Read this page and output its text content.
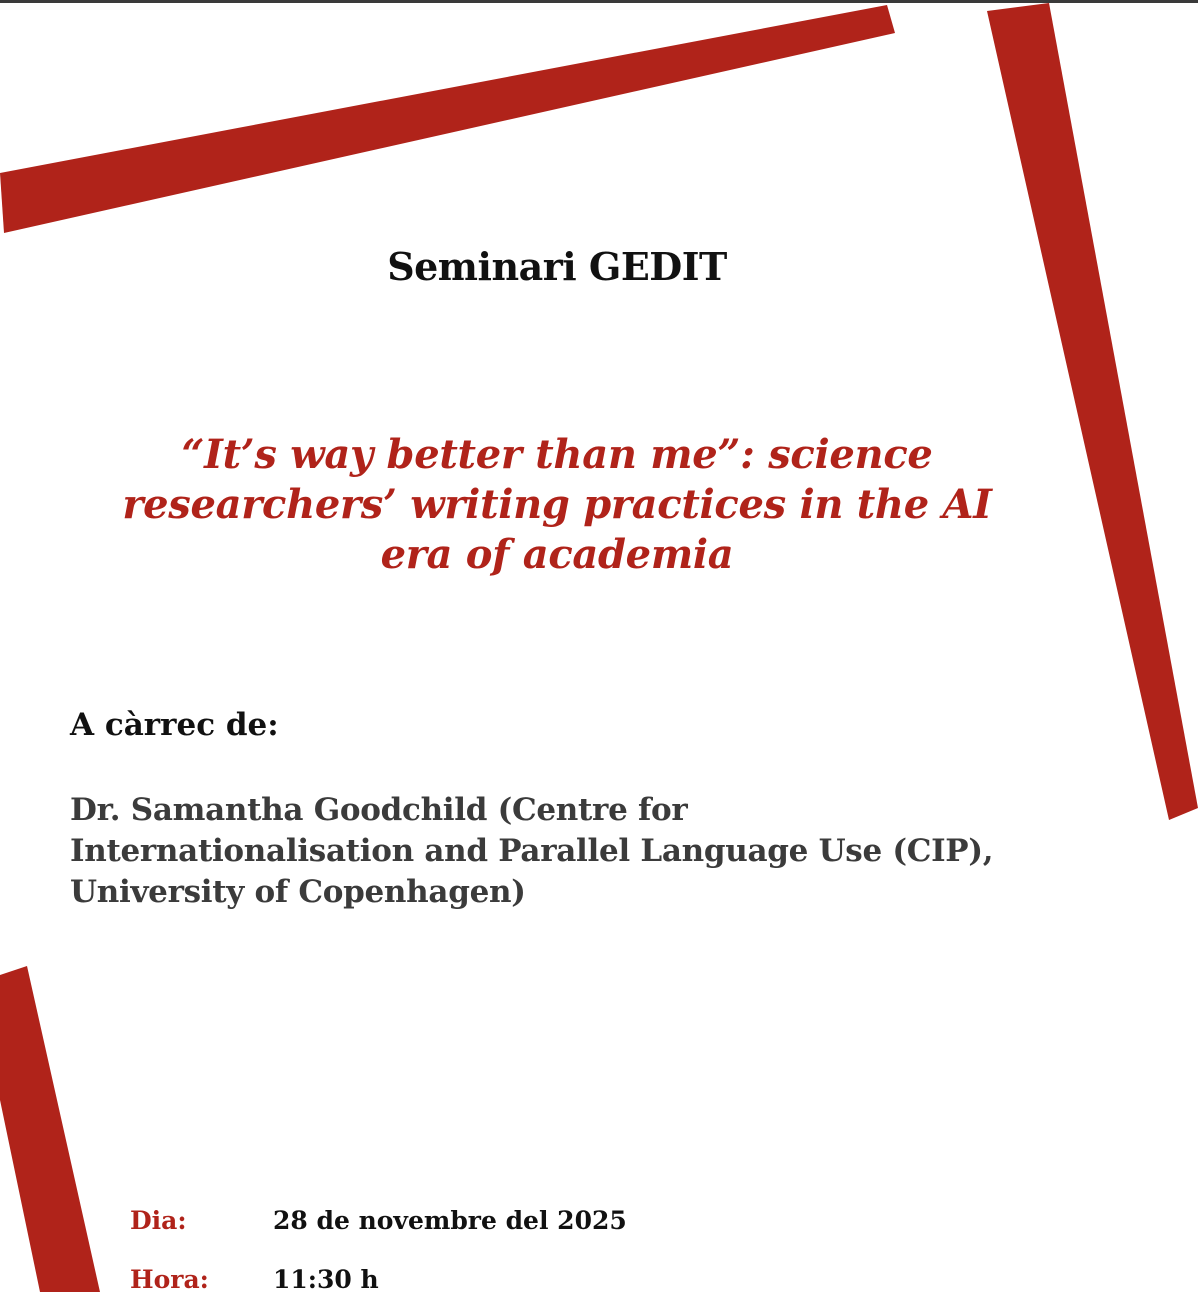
Seminari GEDIT
“It’s way better than me”: science researchers’ writing practices in the AI era of academia
A càrrec de:
Dr. Samantha Goodchild (Centre for Internationalisation and Parallel Language Use (CIP), University of Copenhagen)
Dia:	28 de novembre del 2025
Hora:	11:30 h
